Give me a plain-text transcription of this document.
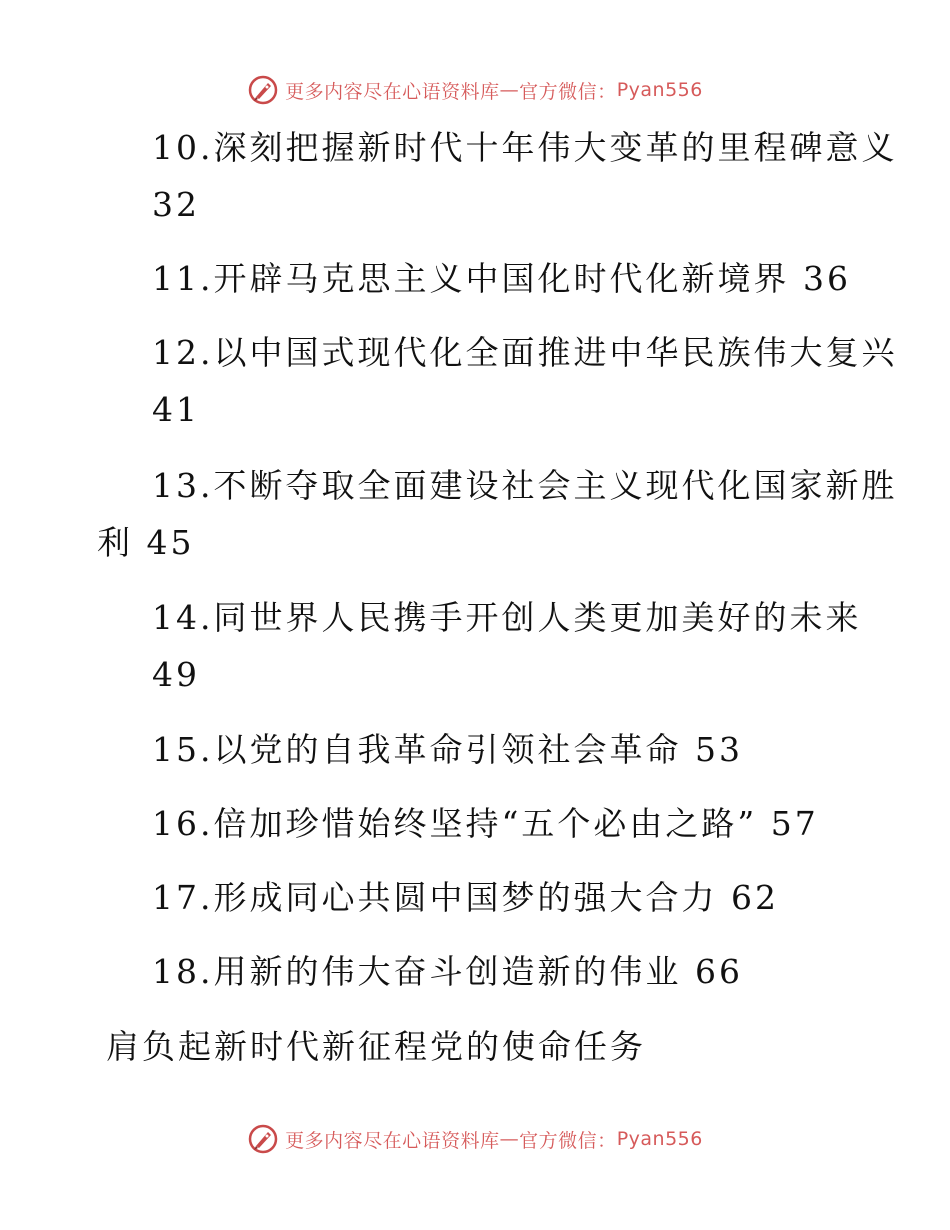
更多内容尽在心语资料库 — 官方微信： Pyan556
10.深刻把握新时代十年伟大变革的里程碑意义
32
11.开辟马克思主义中国化时代化新境界 36
12.以中国式现代化全面推进中华民族伟大复兴
41
13.不断夺取全面建设社会主义现代化国家新胜
利 45
14.同世界人民携手开创人类更加美好的未来
49
15.以党的自我革命引领社会革命 53
16.倍加珍惜始终坚持“五个必由之路” 57
17.形成同心共圆中国梦的强大合力 62
18.用新的伟大奋斗创造新的伟业 66
肩负起新时代新征程党的使命任务
更多内容尽在心语资料库 — 官方微信： Pyan556
